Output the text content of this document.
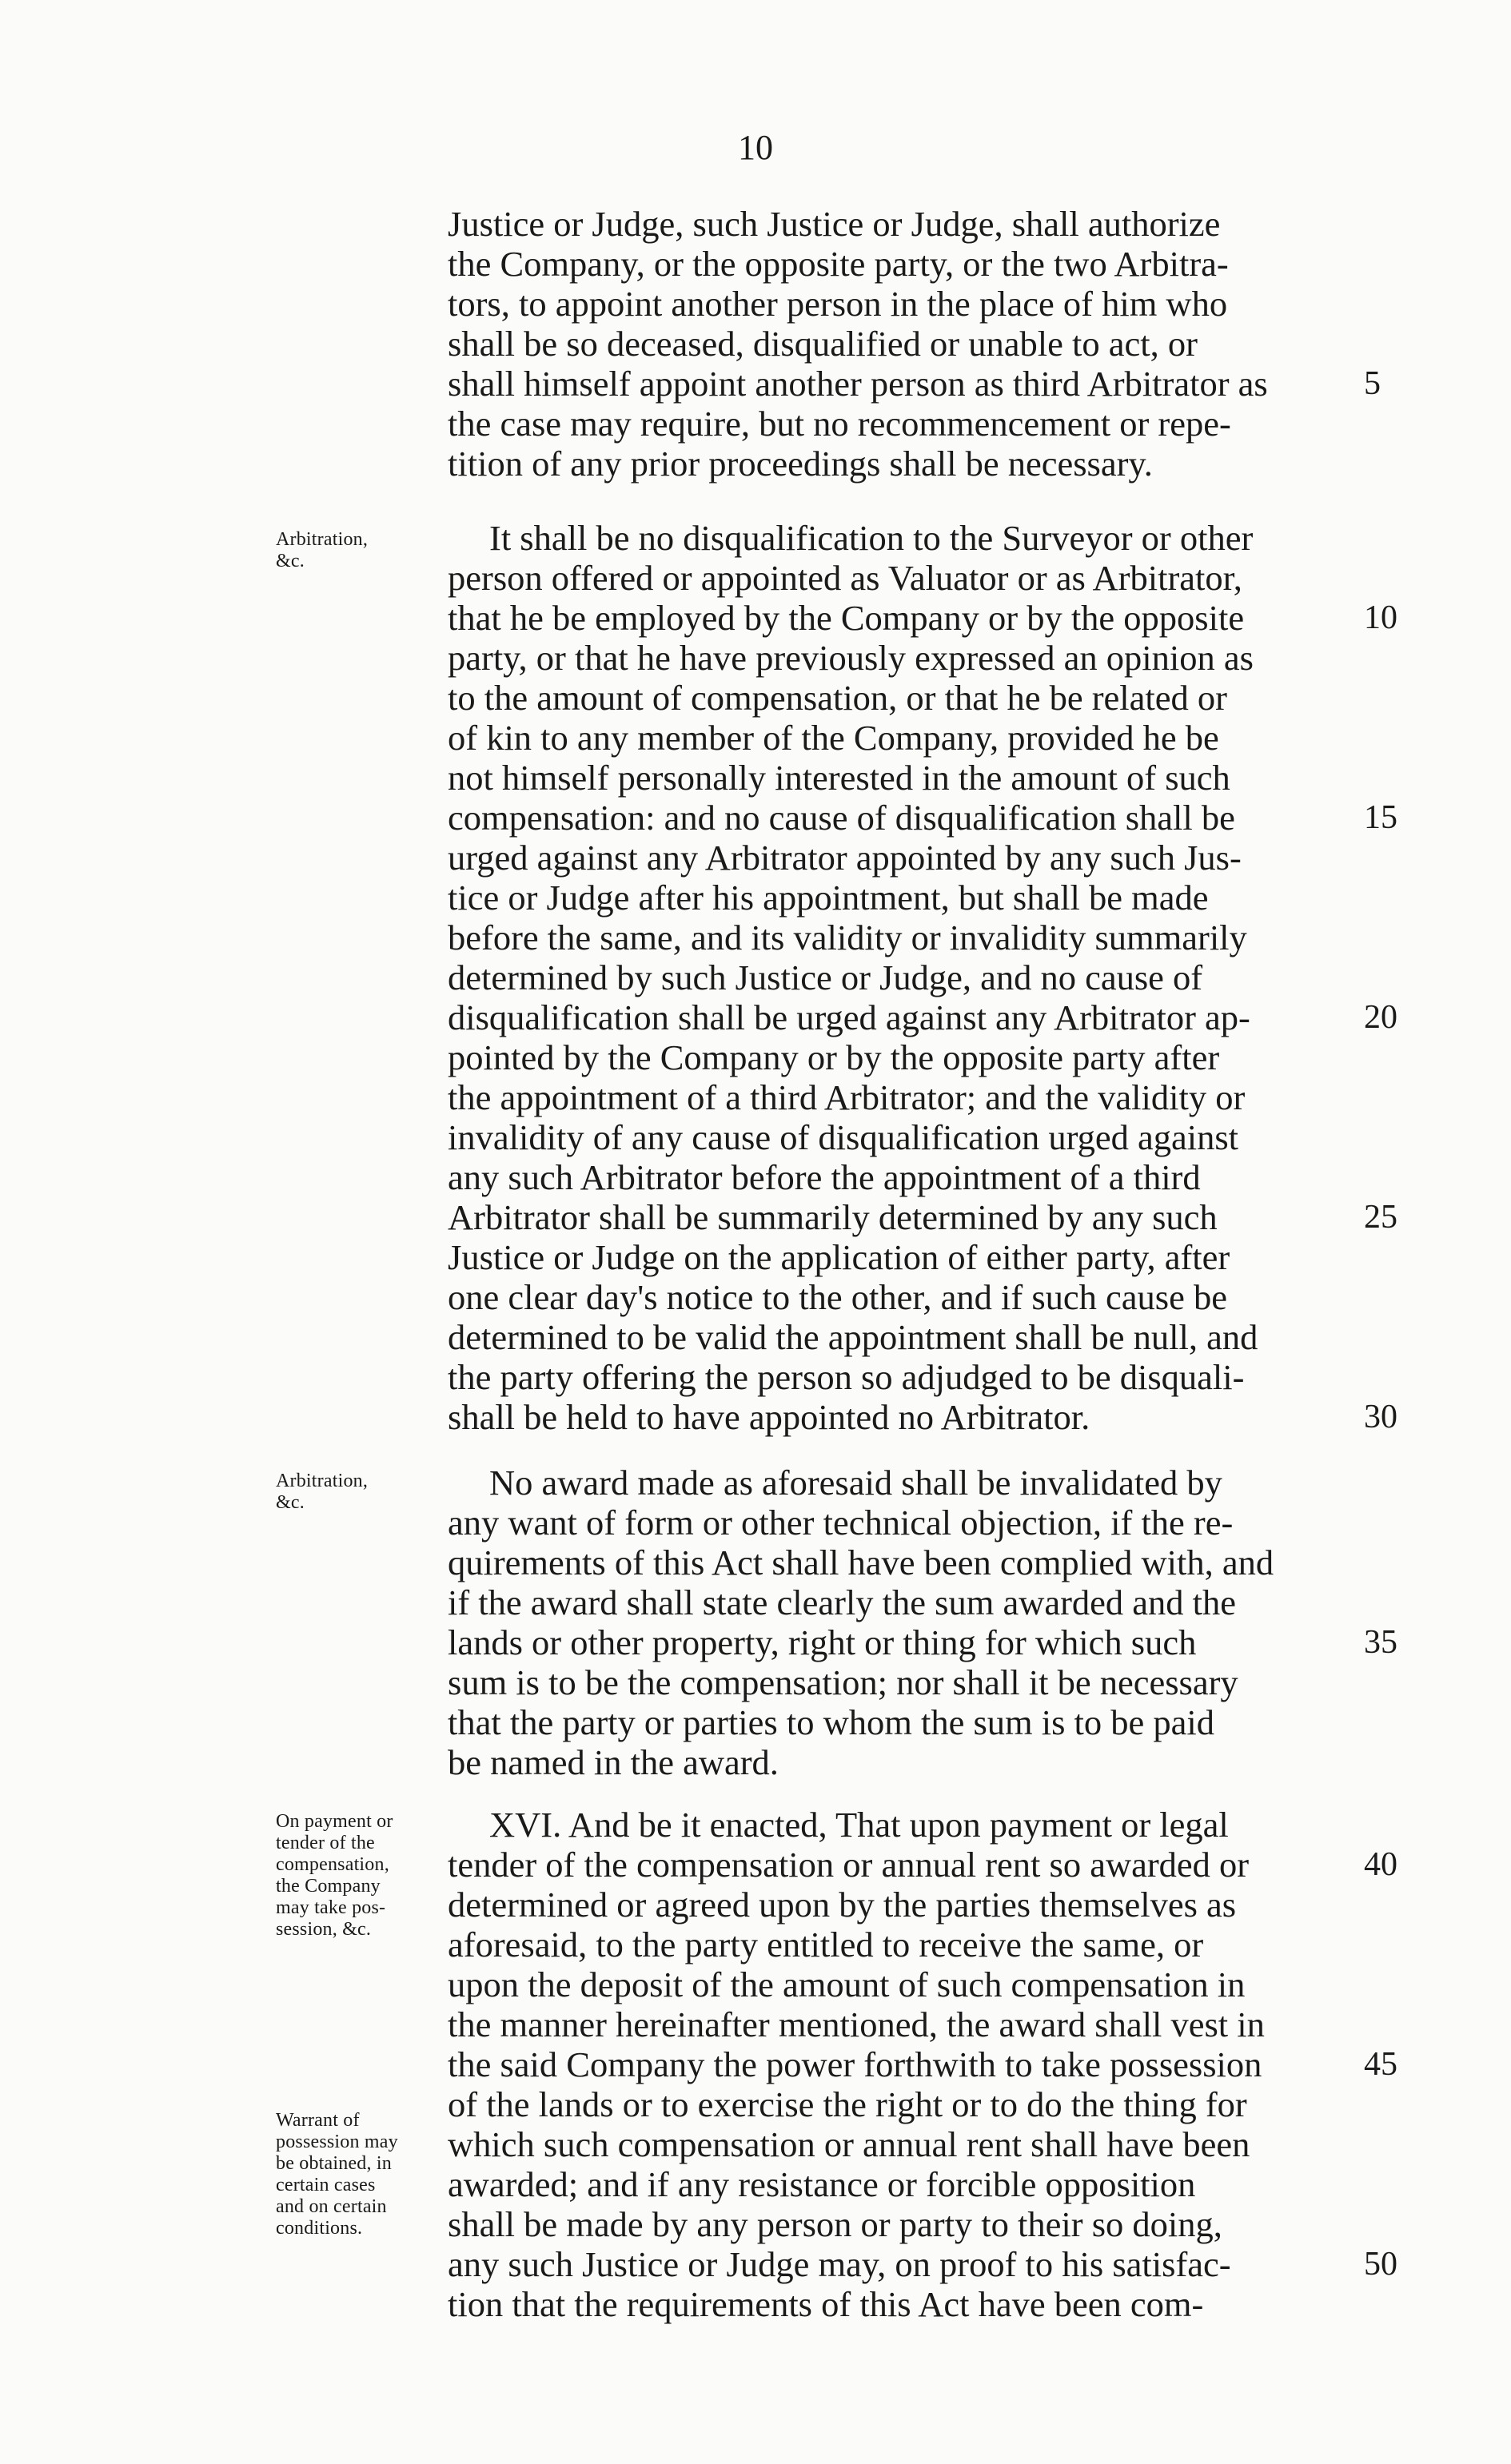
10
Arbitration,
&c.
Arbitration,
&c.
On payment or
tender of the
compensation,
the Company
may take pos-
session, &c.
Warrant of
possession may
be obtained, in
certain cases
and on certain
conditions.
Justice or Judge, such Justice or Judge, shall authorize
the Company, or the opposite party, or the two Arbitra-
tors, to appoint another person in the place of him who
shall be so deceased, disqualified or unable to act, or
shall himself appoint another person as third Arbitrator as
the case may require, but no recommencement or repe-
tition of any prior proceedings shall be necessary.
It shall be no disqualification to the Surveyor or other
person offered or appointed as Valuator or as Arbitrator,
that he be employed by the Company or by the opposite
party, or that he have previously expressed an opinion as
to the amount of compensation, or that he be related or
of kin to any member of the Company, provided he be
not himself personally interested in the amount of such
compensation: and no cause of disqualification shall be
urged against any Arbitrator appointed by any such Jus-
tice or Judge after his appointment, but shall be made
before the same, and its validity or invalidity summarily
determined by such Justice or Judge, and no cause of
disqualification shall be urged against any Arbitrator ap-
pointed by the Company or by the opposite party after
the appointment of a third Arbitrator; and the validity or
invalidity of any cause of disqualification urged against
any such Arbitrator before the appointment of a third
Arbitrator shall be summarily determined by any such
Justice or Judge on the application of either party, after
one clear day's notice to the other, and if such cause be
determined to be valid the appointment shall be null, and
the party offering the person so adjudged to be disquali-
shall be held to have appointed no Arbitrator.
No award made as aforesaid shall be invalidated by
any want of form or other technical objection, if the re-
quirements of this Act shall have been complied with, and
if the award shall state clearly the sum awarded and the
lands or other property, right or thing for which such
sum is to be the compensation; nor shall it be necessary
that the party or parties to whom the sum is to be paid
be named in the award.
XVI. And be it enacted, That upon payment or legal
tender of the compensation or annual rent so awarded or
determined or agreed upon by the parties themselves as
aforesaid, to the party entitled to receive the same, or
upon the deposit of the amount of such compensation in
the manner hereinafter mentioned, the award shall vest in
the said Company the power forthwith to take possession
of the lands or to exercise the right or to do the thing for
which such compensation or annual rent shall have been
awarded; and if any resistance or forcible opposition
shall be made by any person or party to their so doing,
any such Justice or Judge may, on proof to his satisfac-
tion that the requirements of this Act have been com-
5
10
15
20
25
30
35
40
45
50
